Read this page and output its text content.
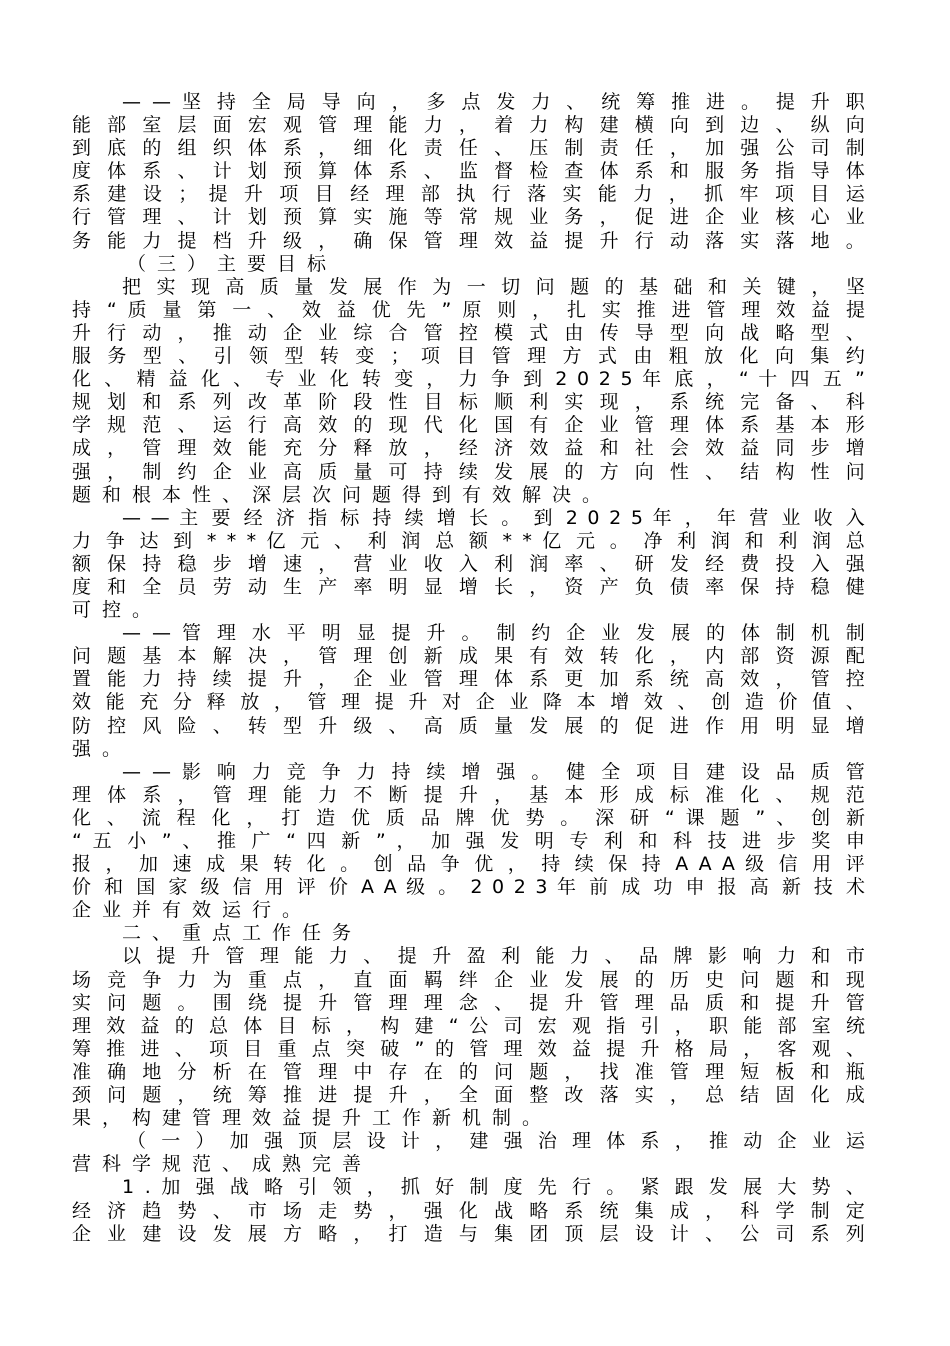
— — 坚 持 全 局 导 向 ， 多 点 发 力 、 统 筹 推 进 。 提 升 职
能 部 室 层 面 宏 观 管 理 能 力 ， 着 力 构 建 横 向 到 边 、 纵 向
到 底 的 组 织 体 系 ， 细 化 责 任 、 压 制 责 任 ， 加 强 公 司 制
度 体 系 、 计 划 预 算 体 系 、 监 督 检 查 体 系 和 服 务 指 导 体
系 建 设 ； 提 升 项 目 经 理 部 执 行 落 实 能 力 ， 抓 牢 项 目 运
行 管 理 、 计 划 预 算 实 施 等 常 规 业 务 ， 促 进 企 业 核 心 业
务 能 力 提 档 升 级 ， 确 保 管 理 效 益 提 升 行 动 落 实 落 地 。
（三）主要目标
把 实 现 高 质 量 发 展 作 为 一 切 问 题 的 基 础 和 关 键 ， 坚
持 “ 质 量 第 一 、 效 益 优 先 ” 原 则 ， 扎 实 推 进 管 理 效 益 提
升 行 动 ， 推 动 企 业 综 合 管 控 模 式 由 传 导 型 向 战 略 型 、
服 务 型 、 引 领 型 转 变 ； 项 目 管 理 方 式 由 粗 放 化 向 集 约
化 、 精 益 化 、 专 业 化 转 变 ， 力 争 到 2 0 2 5 年 底 ， “ 十 四 五 ”
规 划 和 系 列 改 革 阶 段 性 目 标 顺 利 实 现 ， 系 统 完 备 、 科
学 规 范 、 运 行 高 效 的 现 代 化 国 有 企 业 管 理 体 系 基 本 形
成 ， 管 理 效 能 充 分 释 放 ， 经 济 效 益 和 社 会 效 益 同 步 增
强 ， 制 约 企 业 高 质 量 可 持 续 发 展 的 方 向 性 、 结 构 性 问
题和根本性、深层次问题得到有效解决。
— — 主 要 经 济 指 标 持 续 增 长 。 到 2 0 2 5 年 ， 年 营 业 收 入
力 争 达 到 * * * 亿 元 、 利 润 总 额 * * 亿 元 。 净 利 润 和 利 润 总
额 保 持 稳 步 增 速 ， 营 业 收 入 利 润 率 、 研 发 经 费 投 入 强
度 和 全 员 劳 动 生 产 率 明 显 增 长 ， 资 产 负 债 率 保 持 稳 健
可控。
— — 管 理 水 平 明 显 提 升 。 制 约 企 业 发 展 的 体 制 机 制
问 题 基 本 解 决 ， 管 理 创 新 成 果 有 效 转 化 ， 内 部 资 源 配
置 能 力 持 续 提 升 ， 企 业 管 理 体 系 更 加 系 统 高 效 ， 管 控
效 能 充 分 释 放 ， 管 理 提 升 对 企 业 降 本 增 效 、 创 造 价 值 、
防 控 风 险 、 转 型 升 级 、 高 质 量 发 展 的 促 进 作 用 明 显 增
强。
— — 影 响 力 竞 争 力 持 续 增 强 。 健 全 项 目 建 设 品 质 管
理 体 系 ， 管 理 能 力 不 断 提 升 ， 基 本 形 成 标 准 化 、 规 范
化 、 流 程 化 ， 打 造 优 质 品 牌 优 势 。 深 研 “ 课 题 ” 、 创 新
“ 五 小 ” 、 推 广 “ 四 新 ” ， 加 强 发 明 专 利 和 科 技 进 步 奖 申
报 ， 加 速 成 果 转 化 。 创 品 争 优 ， 持 续 保 持 A A A 级 信 用 评
价 和 国 家 级 信 用 评 价 A A 级 。 2 0 2 3 年 前 成 功 申 报 高 新 技 术
企业并有效运行。
二、重点工作任务
以 提 升 管 理 能 力 、 提 升 盈 利 能 力 、 品 牌 影 响 力 和 市
场 竞 争 力 为 重 点 ， 直 面 羁 绊 企 业 发 展 的 历 史 问 题 和 现
实 问 题 。 围 绕 提 升 管 理 理 念 、 提 升 管 理 品 质 和 提 升 管
理 效 益 的 总 体 目 标 ， 构 建 “ 公 司 宏 观 指 引 ， 职 能 部 室 统
筹 推 进 、 项 目 重 点 突 破 ” 的 管 理 效 益 提 升 格 局 ， 客 观 、
准 确 地 分 析 在 管 理 中 存 在 的 问 题 ， 找 准 管 理 短 板 和 瓶
颈 问 题 ， 统 筹 推 进 提 升 ， 全 面 整 改 落 实 ， 总 结 固 化 成
果，构建管理效益提升工作新机制。
（ 一 ） 加 强 顶 层 设 计 ， 建 强 治 理 体 系 ， 推 动 企 业 运
营科学规范、成熟完善
1 . 加 强 战 略 引 领 ， 抓 好 制 度 先 行 。 紧 跟 发 展 大 势 、
经 济 趋 势 、 市 场 走 势 ， 强 化 战 略 系 统 集 成 ， 科 学 制 定
企 业 建 设 发 展 方 略 ， 打 造 与 集 团 顶 层 设 计 、 公 司 系 列
